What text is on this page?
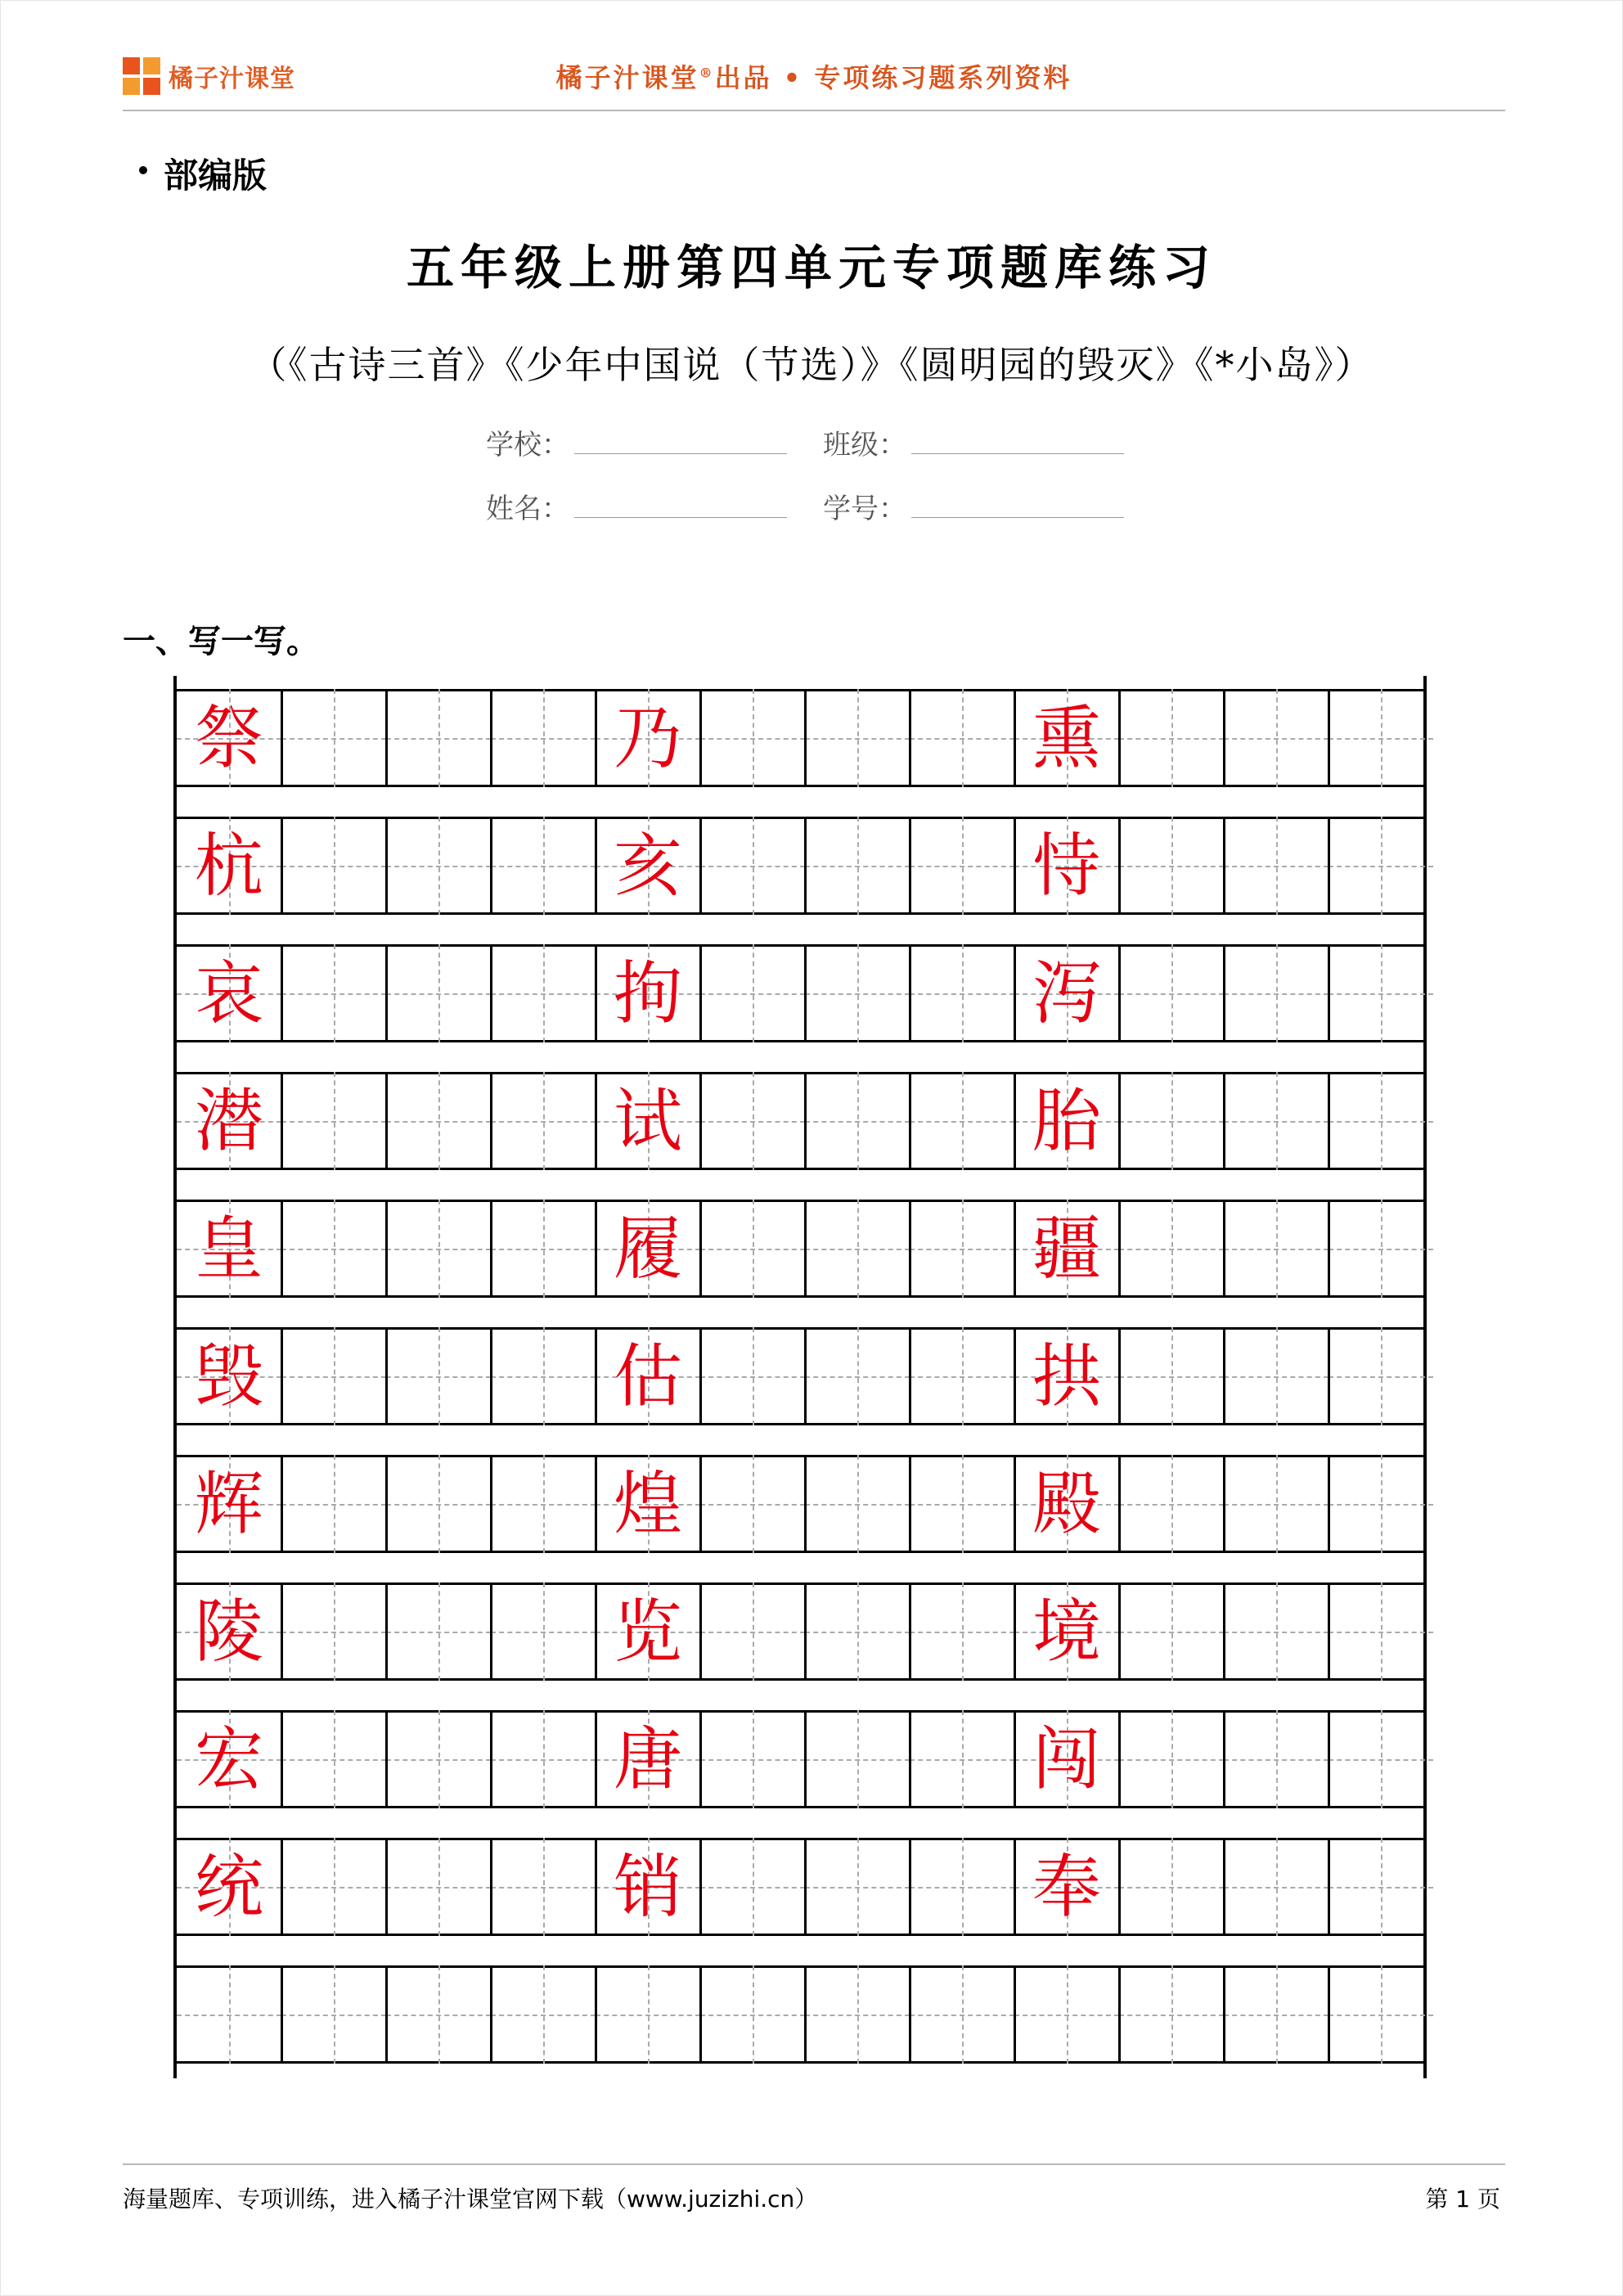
橘子汁课堂	橘子汁课堂®出品 • 专项练习题系列资料
部编版
五年级上册第四单元专项题库练习
（《古诗三首》《少年中国说（节选）》《圆明园的毁灭》《*小岛》）
学校：	班级：
姓名：	学号：
一、写一写。
祭	乃	熏
杭	亥	恃
哀	拘	泻
潜	试	胎
皇	履	疆
毁	估	拱
辉	煌	殿
陵	览	境
宏	唐	闯
统	销	奉
海量题库、专项训练，进入橘子汁课堂官网下载（www.juzizhi.cn）	第 1 页
